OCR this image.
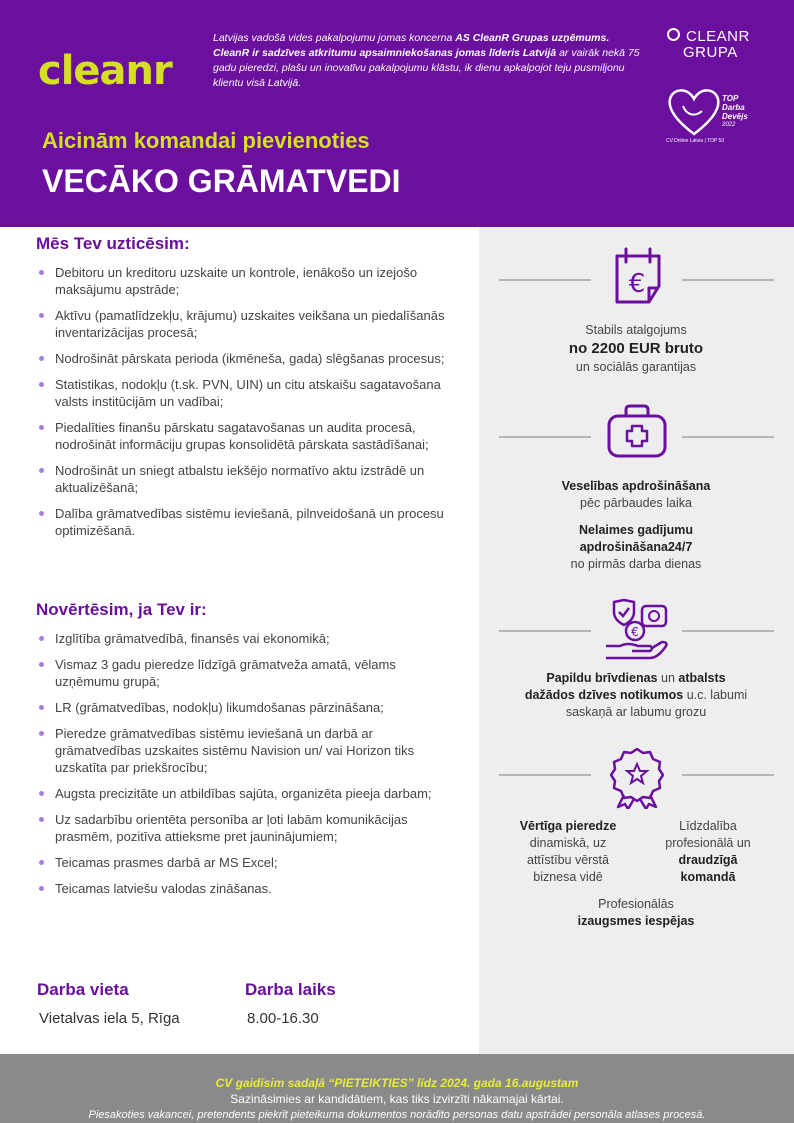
cleanr
Latvijas vadošā vides pakalpojumu jomas koncerna AS CleanR Grupas uzņēmums. CleanR ir sadzīves atkritumu apsaimniekošanas jomas līderis Latvijā ar vairāk nekā 75 gadu pieredzi, plašu un inovatīvu pakalpojumu klāstu, ik dienu apkalpojot teju pusmiljonu klientu visā Latvijā.
CLEANR
GRUPA
TOP
Darba
Devējs
2022
CV.Online Latvia | TOP 50
Aicinām komandai pievienoties
VECĀKO GRĀMATVEDI
Mēs Tev uzticēsim:
Debitoru un kreditoru uzskaite un kontrole, ienākošo un izejošo maksājumu apstrāde;
Aktīvu (pamatlīdzekļu, krājumu) uzskaites veikšana un piedalīšanās inventarizācijas procesā;
Nodrošināt pārskata perioda (ikmēneša, gada) slēgšanas procesus;
Statistikas, nodokļu (t.sk. PVN, UIN) un citu atskaišu sagatavošana valsts institūcijām un vadībai;
Piedalīties finanšu pārskatu sagatavošanas un audita procesā, nodrošināt informāciju grupas konsolidētā pārskata sastādīšanai;
Nodrošināt un sniegt atbalstu iekšējo normatīvo aktu izstrādē un aktualizēšanā;
Dalība grāmatvedības sistēmu ieviešanā, pilnveidošanā un procesu optimizēšanā.
Novērtēsim, ja Tev ir:
Izglītība grāmatvedībā, finansēs vai ekonomikā;
Vismaz 3 gadu pieredze līdzīgā grāmatveža amatā, vēlams uzņēmumu grupā;
LR (grāmatvedības, nodokļu) likumdošanas pārzināšana;
Pieredze grāmatvedības sistēmu ieviešanā un darbā ar grāmatvedības uzskaites sistēmu Navision un/ vai Horizon tiks uzskatīta par priekšrocību;
Augsta precizitāte un atbildības sajūta, organizēta pieeja darbam;
Uz sadarbību orientēta personība ar ļoti labām komunikācijas prasmēm, pozitīva attieksme pret jauninājumiem;
Teicamas prasmes darbā ar MS Excel;
Teicamas latviešu valodas zināšanas.
Darba vieta
Vietalvas iela 5, Rīga
Darba laiks
8.00-16.30
€
Stabils atalgojums
no 2200 EUR bruto
un sociālās garantijas
Veselības apdrošināšana
pēc pārbaudes laika
Nelaimes gadījumu
apdrošināšana24/7
no pirmās darba dienas
€
Papildu brīvdienas un atbalsts
dažādos dzīves notikumos u.c. labumi
saskaņā ar labumu grozu
Vērtīga pieredze
dinamiskā, uz
attīstību vērstā
biznesa vidē
Līdzdalība
profesionālā un
draudzīgā
komandā
Profesionālās
izaugsmes iespējas
CV gaidīsim sadaļā “PIETEIKTIES” līdz 2024. gada 16.augustam
Sazināsimies ar kandidātiem, kas tiks izvirzīti nākamajai kārtai.
Piesakoties vakancei, pretendents piekrīt pieteikuma dokumentos norādīto personas datu apstrādei personāla atlases procesā.
